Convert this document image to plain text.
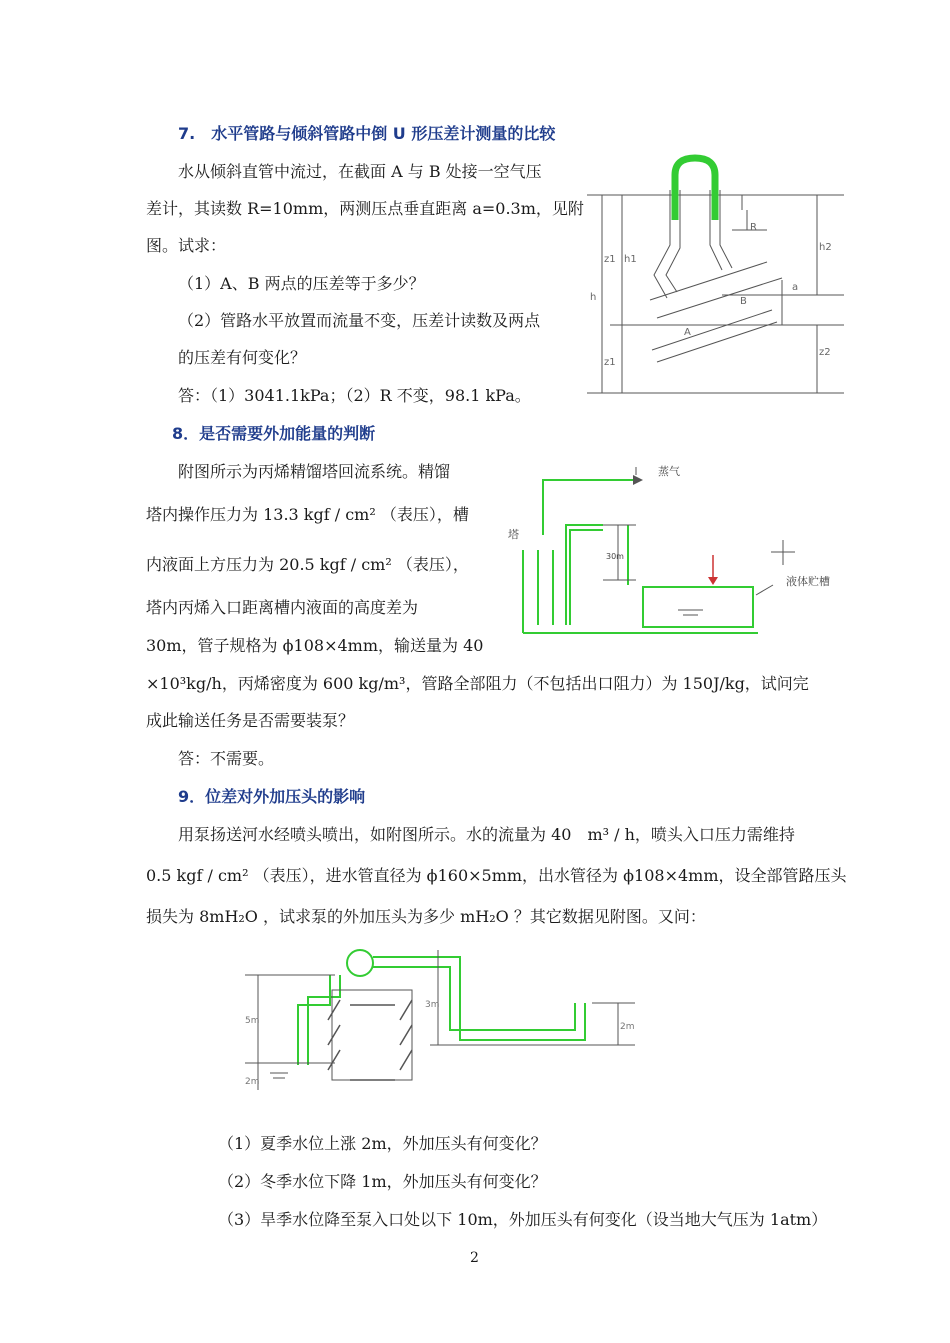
7.　水平管路与倾斜管路中倒 U 形压差计测量的比较
水从倾斜直管中流过，在截面 A 与 B 处接一空气压
差计，其读数 R=10mm，两测压点垂直距离 a=0.3m，见附
图。试求：
（1）A、B 两点的压差等于多少？
（2）管路水平放置而流量不变，压差计读数及两点
的压差有何变化？
答：（1）3041.1kPa；（2）R 不变，98.1 kPa。
z1 h1
h
z1
h2
z2
R
a
B
A
8．是否需要外加能量的判断
附图所示为丙烯精馏塔回流系统。精馏
塔内操作压力为 13.3 kgf / cm² （表压），槽
内液面上方压力为 20.5 kgf / cm² （表压），
塔内丙烯入口距离槽内液面的高度差为
30m，管子规格为 ϕ108×4mm，输送量为 40
×10³kg/h，丙烯密度为 600 kg/m³，管路全部阻力（不包括出口阻力）为 150J/kg，试问完
成此输送任务是否需要装泵？
答：不需要。
蒸气
塔
30m
液体贮槽
9．位差对外加压头的影响
用泵扬送河水经喷头喷出，如附图所示。水的流量为 40　m³ / h，喷头入口压力需维持
0.5 kgf / cm² （表压），进水管直径为 ϕ160×5mm，出水管径为 ϕ108×4mm，设全部管路压头
损失为 8mH₂O ，试求泵的外加压头为多少 mH₂O ？其它数据见附图。又问：
5m
2m
3m
2m
（1）夏季水位上涨 2m，外加压头有何变化？
（2）冬季水位下降 1m，外加压头有何变化？
（3）旱季水位降至泵入口处以下 10m，外加压头有何变化（设当地大气压为 1atm）
2
